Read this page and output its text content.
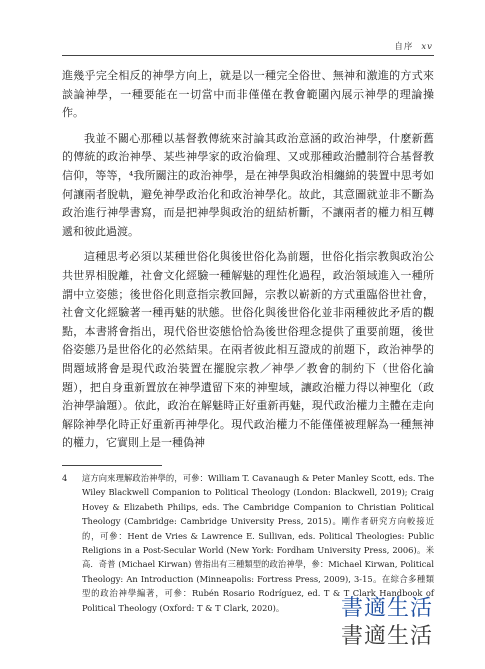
自序 xv

進幾乎完全相反的神學方向上，就是以一種完全俗世、無神和激進的方式來談論神學，一種要能在一切當中而非僅僅在教會範圍內展示神學的理論操作。

我並不關心那種以基督教傳統來討論其政治意涵的政治神學，什麼新舊的傳統的政治神學、某些神學家的政治倫理、又或那種政治體制符合基督教信仰，等等，⁴我所關注的政治神學，是在神學與政治相纏綿的裝置中思考如何讓兩者脫軌，避免神學政治化和政治神學化。故此，其意圖就並非不斷為政治進行神學書寫，而是把神學與政治的紐結析斷，不讓兩者的權力相互轉遞和彼此過渡。

這種思考必須以某種世俗化與後世俗化為前題，世俗化指宗教與政治公共世界相脫離，社會文化經驗一種解魅的理性化過程，政治領域進入一種所謂中立姿態；後世俗化則意指宗教回歸，宗教以嶄新的方式重臨俗世社會，社會文化經驗著一種再魅的狀態。世俗化與後世俗化並非兩種彼此矛盾的觀點，本書將會指出，現代俗世姿態恰恰為後世俗理念提供了重要前題，後世俗姿態乃是世俗化的必然結果。在兩者彼此相互證成的前題下，政治神學的問題域將會是現代政治裝置在擺脫宗教／神學／教會的制約下（世俗化論題），把自身重新置放在神學遺留下來的神聖域，讓政治權力得以神聖化（政治神學論題）。依此，政治在解魅時正好重新再魅，現代政治權力主體在走向解除神學化時正好重新再神學化。現代政治權力不能僅僅被理解為一種無神的權力，它實則上是一種偽神

4 這方向來理解政治神學的，可參：William T. Cavanaugh & Peter Manley Scott, eds. The Wiley Blackwell Companion to Political Theology (London: Blackwell, 2019); Craig Hovey & Elizabeth Philips, eds. The Cambridge Companion to Christian Political Theology (Cambridge: Cambridge University Press, 2015)。剛作者研究方向較接近的，可參：Hent de Vries & Lawrence E. Sullivan, eds. Political Theologies: Public Religions in a Post-Secular World (New York: Fordham University Press, 2006)。米高．奇普 (Michael Kirwan) 曾指出有三種類型的政治神學，參：Michael Kirwan, Political Theology: An Introduction (Minneapolis: Fortress Press, 2009), 3-15。在綜合多種類型的政治神學編著，可參：Rubén Rosario Rodríguez, ed. T & T Clark Handbook of Political Theology (Oxford: T & T Clark, 2020)。	書適生活
書適生活
